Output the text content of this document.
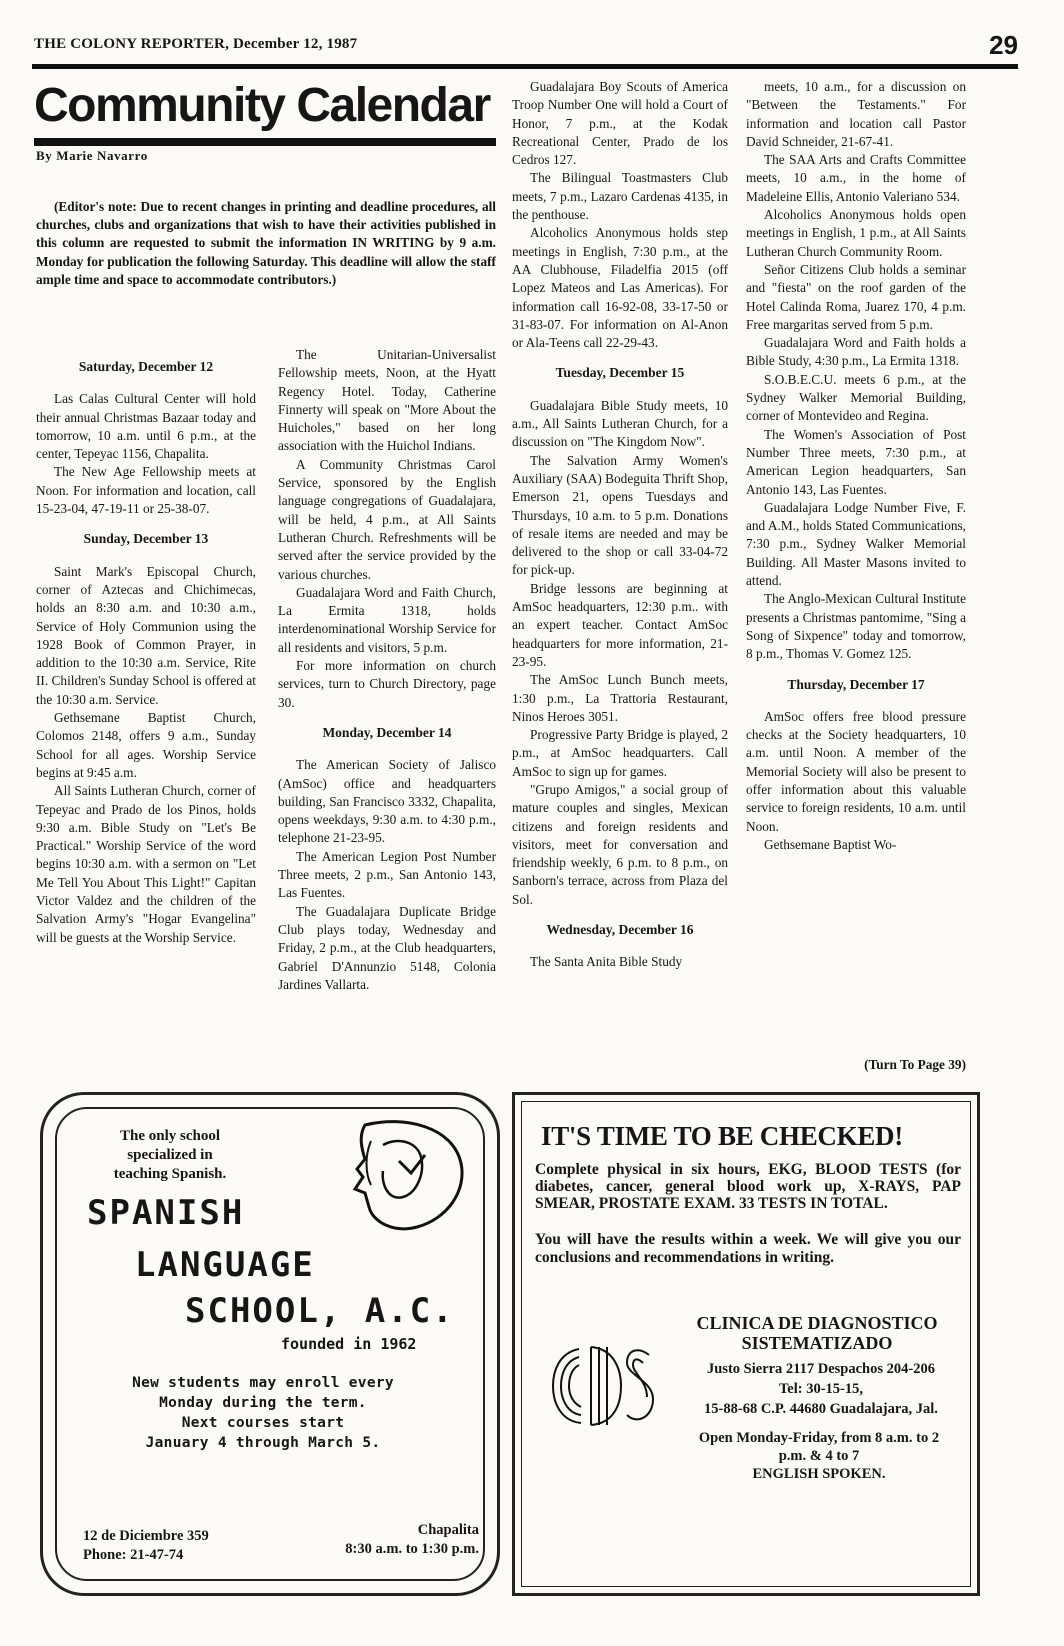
THE COLONY REPORTER, December 12, 1987	29
Community Calendar
By Marie Navarro

(Editor's note: Due to recent changes in printing and deadline procedures, all churches, clubs and organizations that wish to have their activities published in this column are requested to submit the information IN WRITING by 9 a.m. Monday for publication the following Saturday. This deadline will allow the staff ample time and space to accommodate contributors.)

Saturday, December 12

Las Calas Cultural Center will hold their annual Christmas Bazaar today and tomorrow, 10 a.m. until 6 p.m., at the center, Tepeyac 1156, Chapalita.

The New Age Fellowship meets at Noon. For information and location, call 15-23-04, 47-19-11 or 25-38-07.

Sunday, December 13

Saint Mark's Episcopal Church, corner of Aztecas and Chichimecas, holds an 8:30 a.m. and 10:30 a.m., Service of Holy Communion using the 1928 Book of Common Prayer, in addition to the 10:30 a.m. Service, Rite II. Children's Sunday School is offered at the 10:30 a.m. Service.

Gethsemane Baptist Church, Colomos 2148, offers 9 a.m., Sunday School for all ages. Worship Service begins at 9:45 a.m.

All Saints Lutheran Church, corner of Tepeyac and Prado de los Pinos, holds 9:30 a.m. Bible Study on "Let's Be Practical." Worship Service of the word begins 10:30 a.m. with a sermon on "Let Me Tell You About This Light!" Capitan Victor Valdez and the children of the Salvation Army's "Hogar Evangelina" will be guests at the Worship Service.

The Unitarian-Universalist Fellowship meets, Noon, at the Hyatt Regency Hotel. Today, Catherine Finnerty will speak on "More About the Huicholes," based on her long association with the Huichol Indians.

A Community Christmas Carol Service, sponsored by the English language congregations of Guadalajara, will be held, 4 p.m., at All Saints Lutheran Church. Refreshments will be served after the service provided by the various churches.

Guadalajara Word and Faith Church, La Ermita 1318, holds interdenominational Worship Service for all residents and visitors, 5 p.m.

For more information on church services, turn to Church Directory, page 30.

Monday, December 14

The American Society of Jalisco (AmSoc) office and headquarters building, San Francisco 3332, Chapalita, opens weekdays, 9:30 a.m. to 4:30 p.m., telephone 21-23-95.

The American Legion Post Number Three meets, 2 p.m., San Antonio 143, Las Fuentes.

The Guadalajara Duplicate Bridge Club plays today, Wednesday and Friday, 2 p.m., at the Club headquarters, Gabriel D'Annunzio 5148, Colonia Jardines Vallarta.

Guadalajara Boy Scouts of America Troop Number One will hold a Court of Honor, 7 p.m., at the Kodak Recreational Center, Prado de los Cedros 127.

The Bilingual Toastmasters Club meets, 7 p.m., Lazaro Cardenas 4135, in the penthouse.

Alcoholics Anonymous holds step meetings in English, 7:30 p.m., at the AA Clubhouse, Filadelfia 2015 (off Lopez Mateos and Las Americas). For information call 16-92-08, 33-17-50 or 31-83-07. For information on Al-Anon or Ala-Teens call 22-29-43.

Tuesday, December 15

Guadalajara Bible Study meets, 10 a.m., All Saints Lutheran Church, for a discussion on "The Kingdom Now".

The Salvation Army Women's Auxiliary (SAA) Bodeguita Thrift Shop, Emerson 21, opens Tuesdays and Thursdays, 10 a.m. to 5 p.m. Donations of resale items are needed and may be delivered to the shop or call 33-04-72 for pick-up.

Bridge lessons are beginning at AmSoc headquarters, 12:30 p.m.. with an expert teacher. Contact AmSoc headquarters for more information, 21-23-95.

The AmSoc Lunch Bunch meets, 1:30 p.m., La Trattoria Restaurant, Ninos Heroes 3051.

Progressive Party Bridge is played, 2 p.m., at AmSoc headquarters. Call AmSoc to sign up for games.

"Grupo Amigos," a social group of mature couples and singles, Mexican citizens and foreign residents and visitors, meet for conversation and friendship weekly, 6 p.m. to 8 p.m., on Sanborn's terrace, across from Plaza del Sol.

Wednesday, December 16

The Santa Anita Bible Study

meets, 10 a.m., for a discussion on "Between the Testaments." For information and location call Pastor David Schneider, 21-67-41.

The SAA Arts and Crafts Committee meets, 10 a.m., in the home of Madeleine Ellis, Antonio Valeriano 534.

Alcoholics Anonymous holds open meetings in English, 1 p.m., at All Saints Lutheran Church Community Room.

Señor Citizens Club holds a seminar and "fiesta" on the roof garden of the Hotel Calinda Roma, Juarez 170, 4 p.m. Free margaritas served from 5 p.m.

Guadalajara Word and Faith holds a Bible Study, 4:30 p.m., La Ermita 1318.

S.O.B.E.C.U. meets 6 p.m., at the Sydney Walker Memorial Building, corner of Montevideo and Regina.

The Women's Association of Post Number Three meets, 7:30 p.m., at American Legion headquarters, San Antonio 143, Las Fuentes.

Guadalajara Lodge Number Five, F. and A.M., holds Stated Communications, 7:30 p.m., Sydney Walker Memorial Building. All Master Masons invited to attend.

The Anglo-Mexican Cultural Institute presents a Christmas pantomime, "Sing a Song of Sixpence" today and tomorrow, 8 p.m., Thomas V. Gomez 125.

Thursday, December 17

AmSoc offers free blood pressure checks at the Society headquarters, 10 a.m. until Noon. A member of the Memorial Society will also be present to offer information about this valuable service to foreign residents, 10 a.m. until Noon.

Gethsemane Baptist Wo-

(Turn To Page 39)
The only school
specialized in
teaching Spanish.
SPANISH
LANGUAGE
SCHOOL, A.C.
founded in 1962
New students may enroll every
Monday during the term.
Next courses start
January 4 through March 5.
12 de Diciembre 359
Phone: 21-47-74
Chapalita
8:30 a.m. to 1:30 p.m.
IT'S TIME TO BE CHECKED!
Complete physical in six hours, EKG, BLOOD TESTS (for diabetes, cancer, general blood work up, X-RAYS, PAP SMEAR, PROSTATE EXAM. 33 TESTS IN TOTAL.
You will have the results within a week. We will give you our conclusions and recommendations in writing.
CLINICA DE DIAGNOSTICO
SISTEMATIZADO
Justo Sierra 2117 Despachos 204-206
Tel: 30-15-15,
15-88-68 C.P. 44680 Guadalajara, Jal.
Open Monday-Friday, from 8 a.m. to 2
p.m. & 4 to 7
ENGLISH SPOKEN.
